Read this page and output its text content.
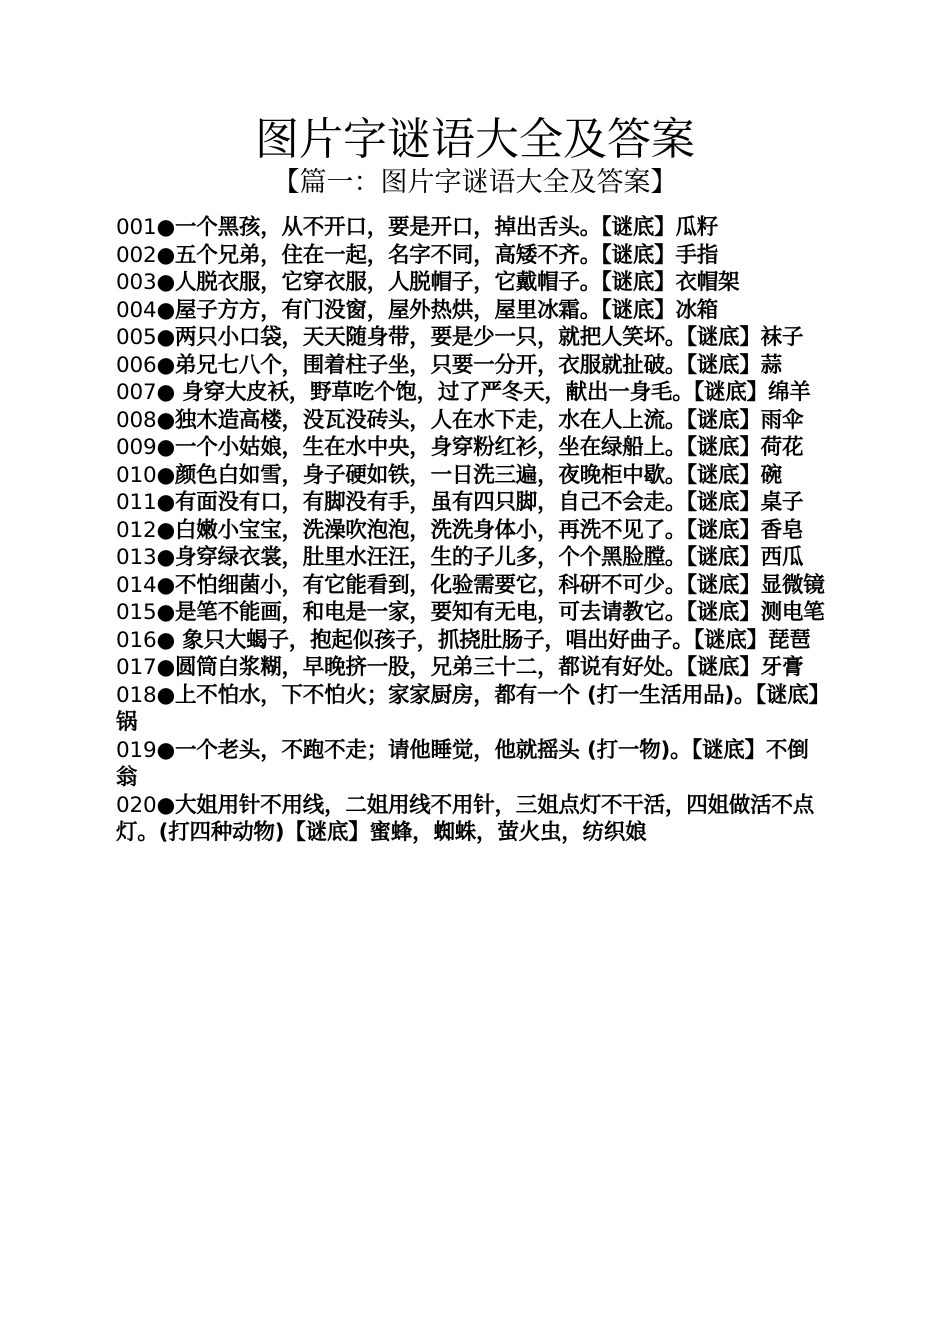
图片字谜语大全及答案
【篇一：图片字谜语大全及答案】
001●一个黑孩，从不开口，要是开口，掉出舌头。【谜底】瓜籽
002●五个兄弟，住在一起，名字不同，高矮不齐。【谜底】手指
003●人脱衣服，它穿衣服，人脱帽子，它戴帽子。【谜底】衣帽架
004●屋子方方，有门没窗，屋外热烘，屋里冰霜。【谜底】冰箱
005●两只小口袋，天天随身带，要是少一只，就把人笑坏。【谜底】袜子
006●弟兄七八个，围着柱子坐，只要一分开，衣服就扯破。【谜底】蒜
007● 身穿大皮袄，野草吃个饱，过了严冬天，献出一身毛。【谜底】绵羊
008●独木造高楼，没瓦没砖头，人在水下走，水在人上流。【谜底】雨伞
009●一个小姑娘，生在水中央，身穿粉红衫，坐在绿船上。【谜底】荷花
010●颜色白如雪，身子硬如铁，一日洗三遍，夜晚柜中歇。【谜底】碗
011●有面没有口，有脚没有手，虽有四只脚，自己不会走。【谜底】桌子
012●白嫩小宝宝，洗澡吹泡泡，洗洗身体小，再洗不见了。【谜底】香皂
013●身穿绿衣裳，肚里水汪汪，生的子儿多，个个黑脸膛。【谜底】西瓜
014●不怕细菌小，有它能看到，化验需要它，科研不可少。【谜底】显微镜
015●是笔不能画，和电是一家，要知有无电，可去请教它。【谜底】测电笔
016● 象只大蝎子，抱起似孩子，抓挠肚肠子，唱出好曲子。【谜底】琵琶
017●圆筒白浆糊，早晚挤一股，兄弟三十二，都说有好处。【谜底】牙膏
018●上不怕水，下不怕火；家家厨房，都有一个 (打一生活用品)。【谜底】锅
019●一个老头，不跑不走；请他睡觉，他就摇头 (打一物)。【谜底】不倒翁
020●大姐用针不用线，二姐用线不用针，三姐点灯不干活，四姐做活不点灯。(打四种动物)【谜底】蜜蜂，蜘蛛，萤火虫，纺织娘
